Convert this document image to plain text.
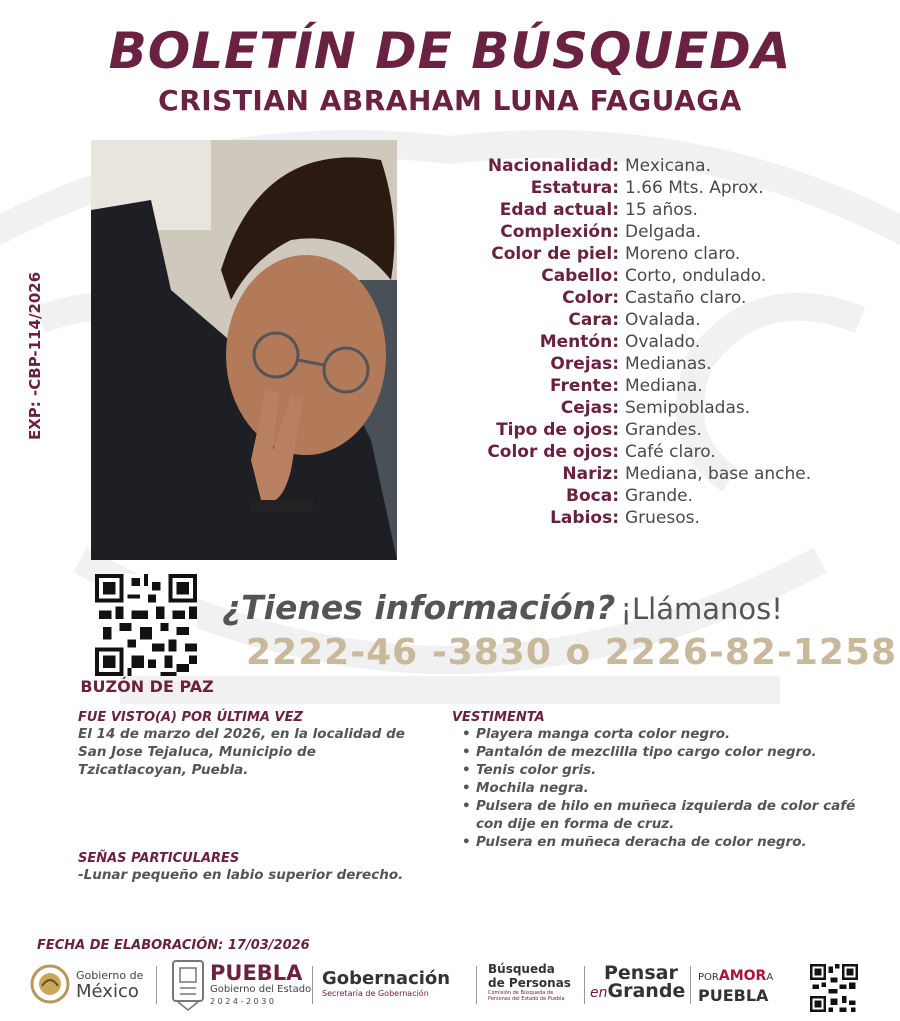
BOLETÍN DE BÚSQUEDA
CRISTIAN ABRAHAM LUNA FAGUAGA
EXP: -CBP-114/2026
Nacionalidad: Mexicana.
Estatura: 1.66 Mts. Aprox.
Edad actual: 15 años.
Complexión: Delgada.
Color de piel: Moreno claro.
Cabello: Corto, ondulado.
Color: Castaño claro.
Cara: Ovalada.
Mentón: Ovalado.
Orejas: Medianas.
Frente: Mediana.
Cejas: Semipobladas.
Tipo de ojos: Grandes.
Color de ojos: Café claro.
Nariz: Mediana, base anche.
Boca: Grande.
Labios: Gruesos.
BUZÓN DE PAZ
¿Tienes información? ¡Llámanos!
2222-46 -3830 o 2226-82-1258
FUE VISTO(A) POR ÚLTIMA VEZ
El 14 de marzo del 2026, en la localidad de San Jose Tejaluca, Municipio de Tzicatlacoyan, Puebla.
VESTIMENTA
• Playera manga corta color negro.
• Pantalón de mezclilla tipo cargo color negro.
• Tenis color gris.
• Mochila negra.
• Pulsera de hilo en muñeca izquierda de color café con dije en forma de cruz.
• Pulsera en muñeca deracha de color negro.
SEÑAS PARTICULARES
-Lunar pequeño en labio superior derecho.
FECHA DE ELABORACIÓN: 17/03/2026
Gobierno de
México
PUEBLA
Gobierno del Estado
2 0 2 4 - 2 0 3 0
Gobernación
Secretaría de Gobernación
Búsqueda
de Personas
Comisión de Búsqueda de Personas del Estado de Puebla
Pensar
enGrande
PORAMORA
PUEBLA
